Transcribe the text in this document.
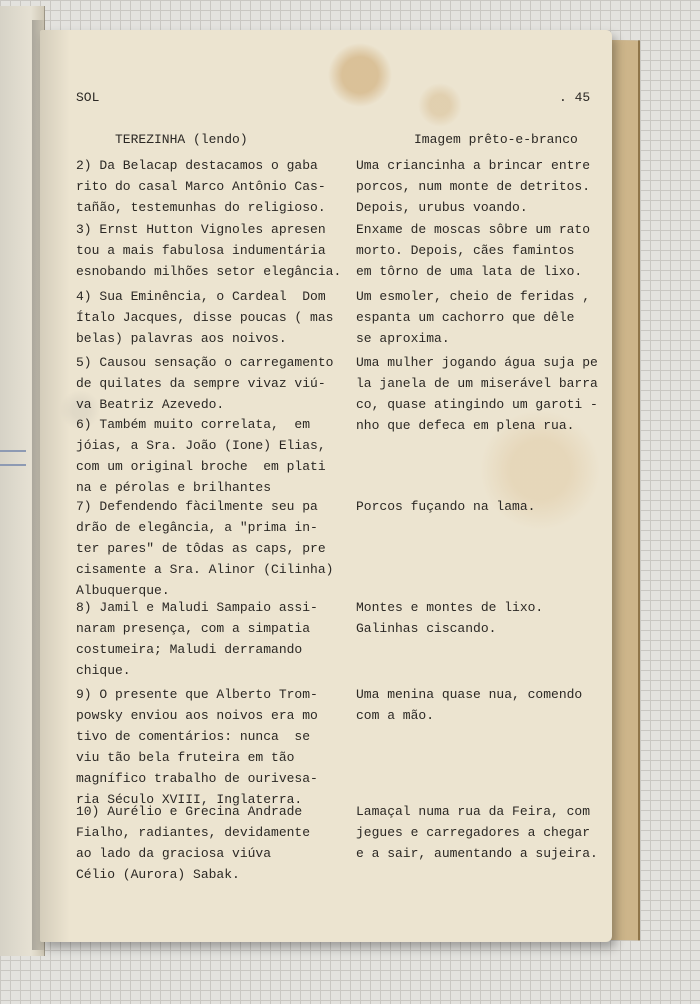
SOL	. 45
TEREZINHA (lendo)	Imagem prêto-e-branco
2) Da Belacap destacamos o gaba
rito do casal Marco Antônio Cas-
tañão, testemunhas do religioso.
Uma criancinha a brincar entre
porcos, num monte de detritos.
Depois, urubus voando.
3) Ernst Hutton Vignoles apresen
tou a mais fabulosa indumentária
esnobando milhões setor elegância.
Enxame de moscas sôbre um rato
morto. Depois, cães famintos
em tôrno de uma lata de lixo.
4) Sua Eminência, o Cardeal  Dom
Ítalo Jacques, disse poucas ( mas
belas) palavras aos noivos.
Um esmoler, cheio de feridas ,
espanta um cachorro que dêle
se aproxima.
5) Causou sensação o carregamento
de quilates da sempre vivaz viú-
va Beatriz Azevedo.
Uma mulher jogando água suja pe
la janela de um miserável barra
co, quase atingindo um garoti -
nho que defeca em plena rua.
6) Também muito correlata,  em
jóias, a Sra. João (Ione) Elias,
com um original broche  em plati
na e pérolas e brilhantes
7) Defendendo fàcilmente seu pa
drão de elegância, a "prima in-
ter pares" de tôdas as caps, pre
cisamente a Sra. Alinor (Cilinha)
Albuquerque.
Porcos fuçando na lama.
8) Jamil e Maludi Sampaio assi-
naram presença, com a simpatia
costumeira; Maludi derramando
chique.
Montes e montes de lixo.
Galinhas ciscando.
9) O presente que Alberto Trom-
powsky enviou aos noivos era mo
tivo de comentários: nunca  se
viu tão bela fruteira em tão
magnífico trabalho de ourivesa-
ria Século XVIII, Inglaterra.
Uma menina quase nua, comendo
com a mão.
10) Aurélio e Grecina Andrade
Fialho, radiantes, devidamente
ao lado da graciosa viúva
Célio (Aurora) Sabak.
Lamaçal numa rua da Feira, com
jegues e carregadores a chegar
e a sair, aumentando a sujeira.
